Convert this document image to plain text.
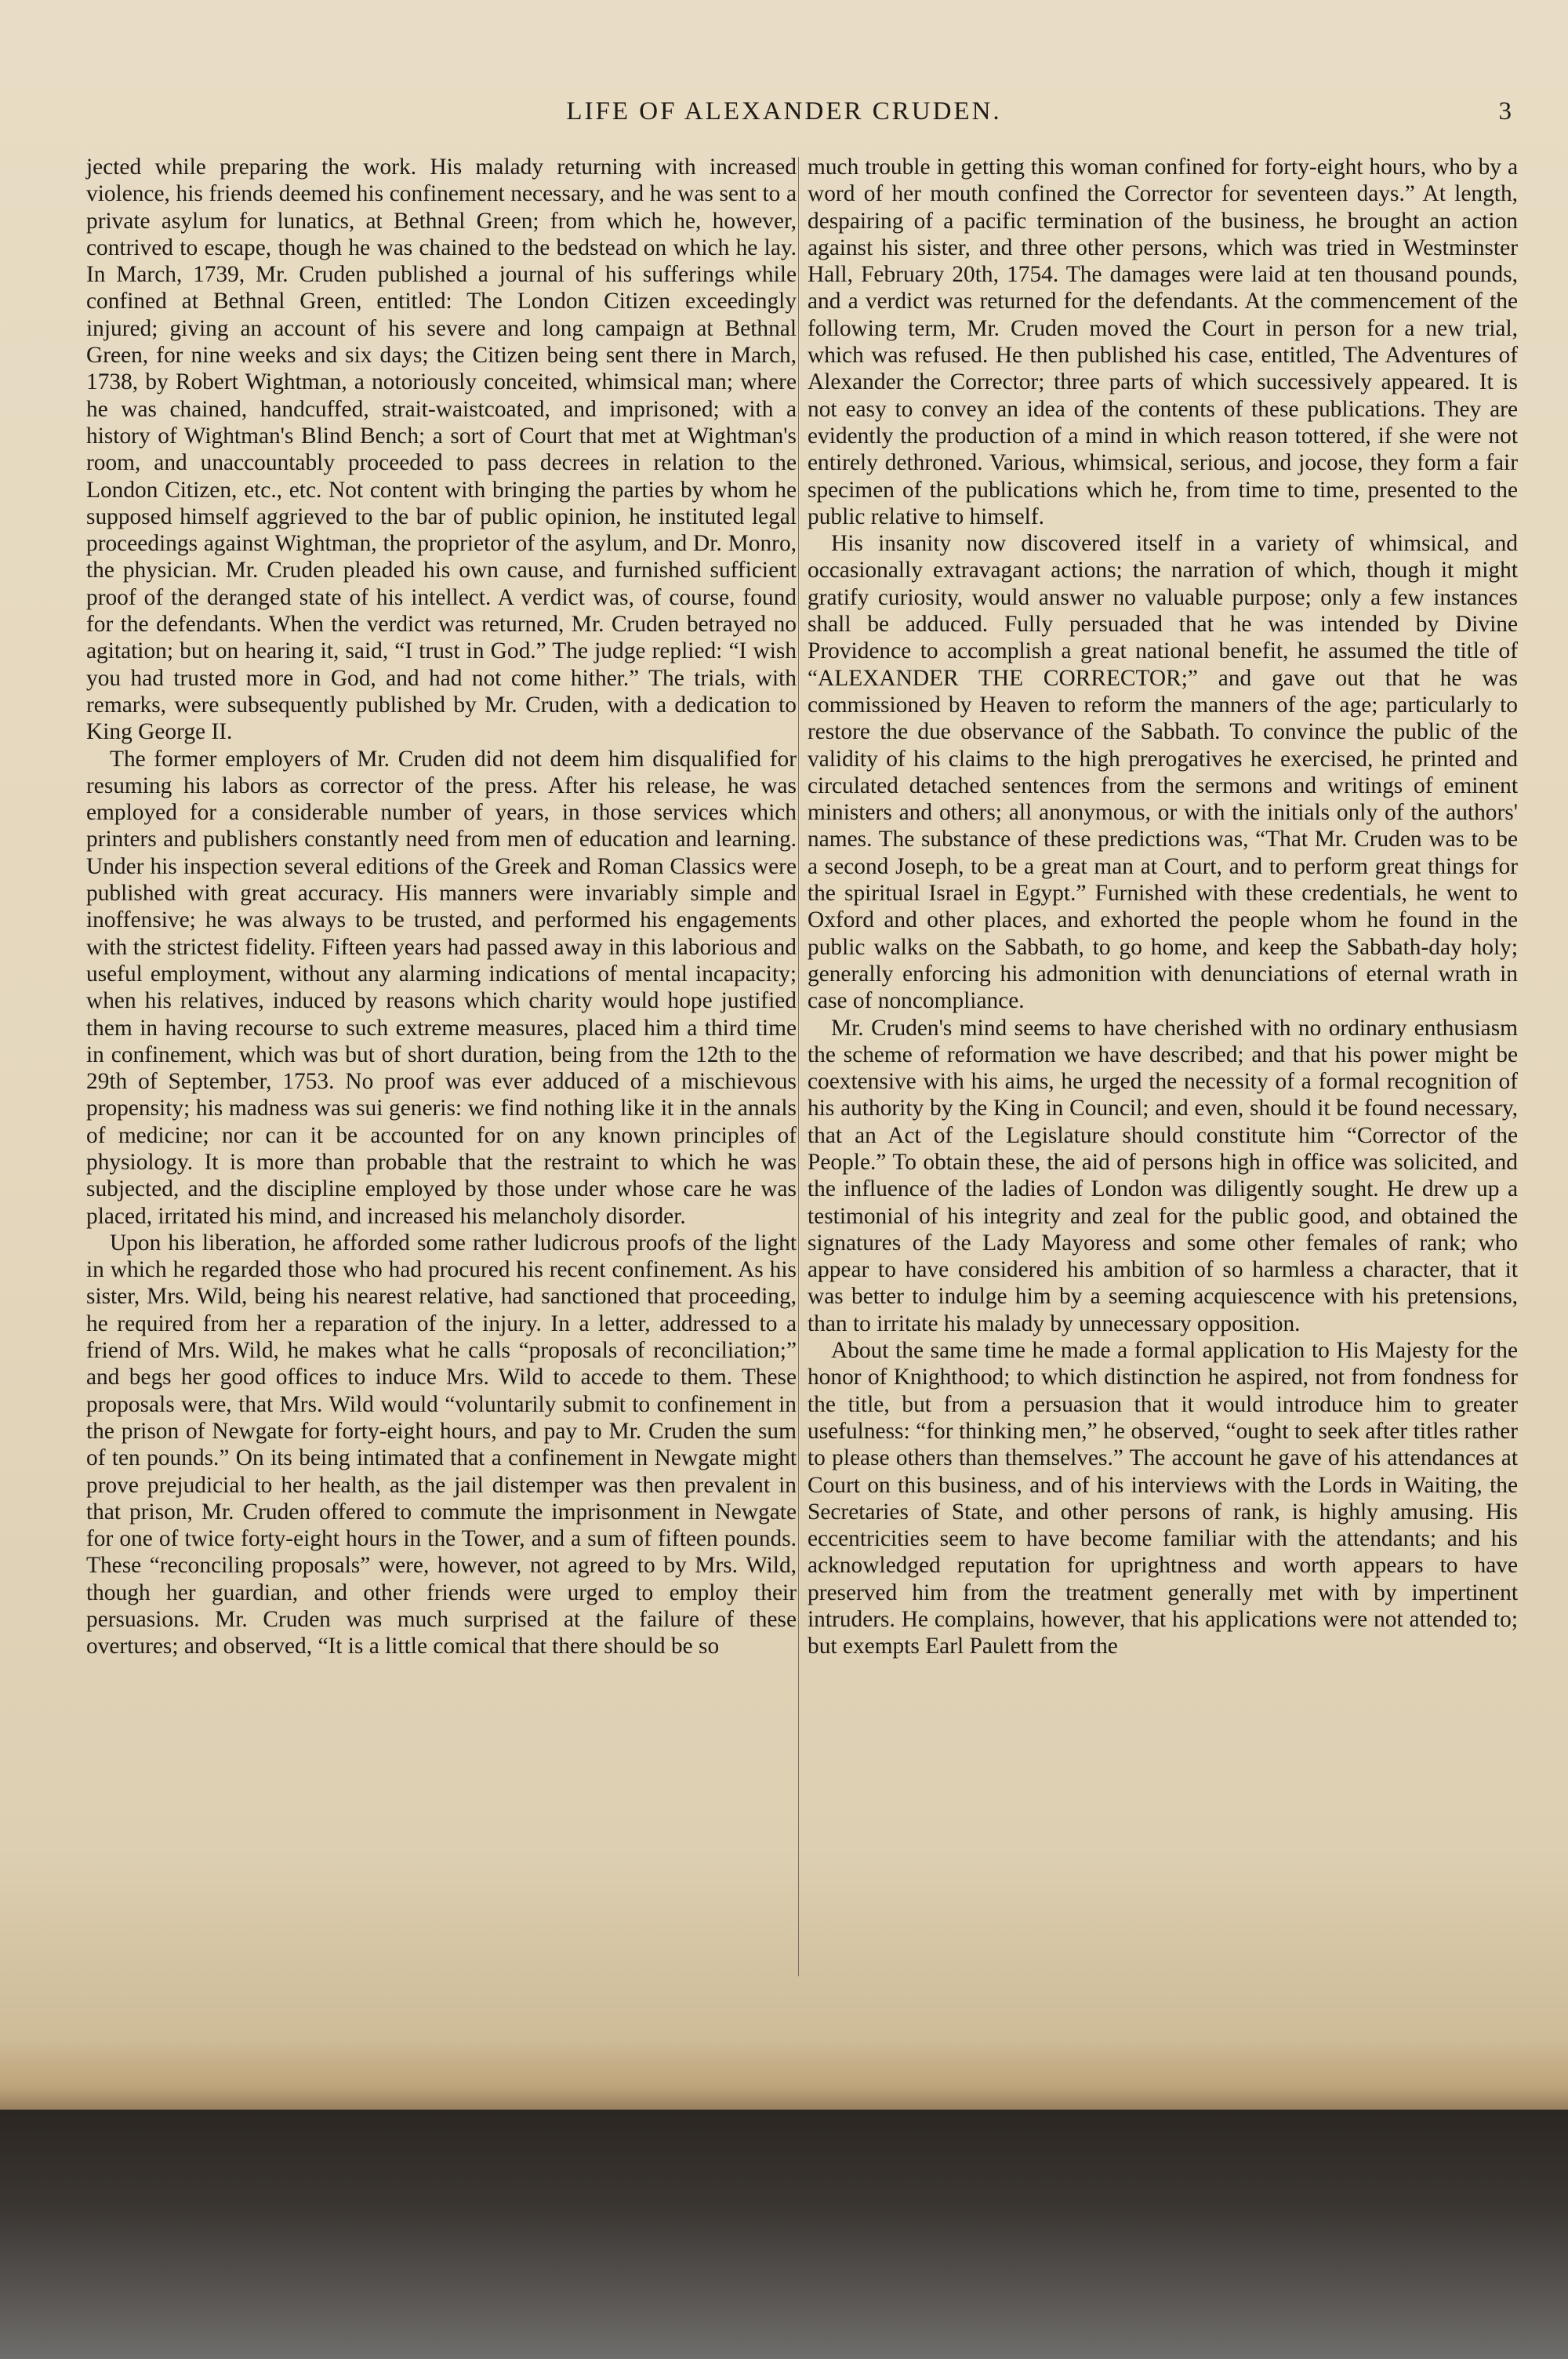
LIFE OF ALEXANDER CRUDEN.	3

jected while preparing the work. His malady returning with increased violence, his friends deemed his confinement necessary, and he was sent to a private asylum for lunatics, at Bethnal Green; from which he, however, contrived to escape, though he was chained to the bedstead on which he lay. In March, 1739, Mr. Cruden published a journal of his sufferings while confined at Bethnal Green, entitled: The London Citizen exceedingly injured; giving an account of his severe and long campaign at Bethnal Green, for nine weeks and six days; the Citizen being sent there in March, 1738, by Robert Wightman, a notoriously conceited, whimsical man; where he was chained, handcuffed, strait-waistcoated, and imprisoned; with a history of Wightman's Blind Bench; a sort of Court that met at Wightman's room, and unaccountably proceeded to pass decrees in relation to the London Citizen, etc., etc. Not content with bringing the parties by whom he supposed himself aggrieved to the bar of public opinion, he instituted legal proceedings against Wightman, the proprietor of the asylum, and Dr. Monro, the physician. Mr. Cruden pleaded his own cause, and furnished sufficient proof of the deranged state of his intellect. A verdict was, of course, found for the defendants. When the verdict was returned, Mr. Cruden betrayed no agitation; but on hearing it, said, “I trust in God.” The judge replied: “I wish you had trusted more in God, and had not come hither.” The trials, with remarks, were subsequently published by Mr. Cruden, with a dedication to King George II.

The former employers of Mr. Cruden did not deem him disqualified for resuming his labors as corrector of the press. After his release, he was employed for a considerable number of years, in those services which printers and publishers constantly need from men of education and learning. Under his inspection several editions of the Greek and Roman Classics were published with great accuracy. His manners were invariably simple and inoffensive; he was always to be trusted, and performed his engagements with the strictest fidelity. Fifteen years had passed away in this laborious and useful employment, without any alarming indications of mental incapacity; when his relatives, induced by reasons which charity would hope justified them in having recourse to such extreme measures, placed him a third time in confinement, which was but of short duration, being from the 12th to the 29th of September, 1753. No proof was ever adduced of a mischievous propensity; his madness was sui generis: we find nothing like it in the annals of medicine; nor can it be accounted for on any known principles of physiology. It is more than probable that the restraint to which he was subjected, and the discipline employed by those under whose care he was placed, irritated his mind, and increased his melancholy disorder.

Upon his liberation, he afforded some rather ludicrous proofs of the light in which he regarded those who had procured his recent confinement. As his sister, Mrs. Wild, being his nearest relative, had sanctioned that proceeding, he required from her a reparation of the injury. In a letter, addressed to a friend of Mrs. Wild, he makes what he calls “proposals of reconciliation;” and begs her good offices to induce Mrs. Wild to accede to them. These proposals were, that Mrs. Wild would “voluntarily submit to confinement in the prison of Newgate for forty-eight hours, and pay to Mr. Cruden the sum of ten pounds.” On its being intimated that a confinement in Newgate might prove prejudicial to her health, as the jail distemper was then prevalent in that prison, Mr. Cruden offered to commute the imprisonment in Newgate for one of twice forty-eight hours in the Tower, and a sum of fifteen pounds. These “reconciling proposals” were, however, not agreed to by Mrs. Wild, though her guardian, and other friends were urged to employ their persuasions. Mr. Cruden was much surprised at the failure of these overtures; and observed, “It is a little comical that there should be so

much trouble in getting this woman confined for forty-eight hours, who by a word of her mouth confined the Corrector for seventeen days.” At length, despairing of a pacific termination of the business, he brought an action against his sister, and three other persons, which was tried in Westminster Hall, February 20th, 1754. The damages were laid at ten thousand pounds, and a verdict was returned for the defendants. At the commencement of the following term, Mr. Cruden moved the Court in person for a new trial, which was refused. He then published his case, entitled, The Adventures of Alexander the Corrector; three parts of which successively appeared. It is not easy to convey an idea of the contents of these publications. They are evidently the production of a mind in which reason tottered, if she were not entirely dethroned. Various, whimsical, serious, and jocose, they form a fair specimen of the publications which he, from time to time, presented to the public relative to himself.

His insanity now discovered itself in a variety of whimsical, and occasionally extravagant actions; the narration of which, though it might gratify curiosity, would answer no valuable purpose; only a few instances shall be adduced. Fully persuaded that he was intended by Divine Providence to accomplish a great national benefit, he assumed the title of “ALEXANDER THE CORRECTOR;” and gave out that he was commissioned by Heaven to reform the manners of the age; particularly to restore the due observance of the Sabbath. To convince the public of the validity of his claims to the high prerogatives he exercised, he printed and circulated detached sentences from the sermons and writings of eminent ministers and others; all anonymous, or with the initials only of the authors' names. The substance of these predictions was, “That Mr. Cruden was to be a second Joseph, to be a great man at Court, and to perform great things for the spiritual Israel in Egypt.” Furnished with these credentials, he went to Oxford and other places, and exhorted the people whom he found in the public walks on the Sabbath, to go home, and keep the Sabbath-day holy; generally enforcing his admonition with denunciations of eternal wrath in case of noncompliance.

Mr. Cruden's mind seems to have cherished with no ordinary enthusiasm the scheme of reformation we have described; and that his power might be coextensive with his aims, he urged the necessity of a formal recognition of his authority by the King in Council; and even, should it be found necessary, that an Act of the Legislature should constitute him “Corrector of the People.” To obtain these, the aid of persons high in office was solicited, and the influence of the ladies of London was diligently sought. He drew up a testimonial of his integrity and zeal for the public good, and obtained the signatures of the Lady Mayoress and some other females of rank; who appear to have considered his ambition of so harmless a character, that it was better to indulge him by a seeming acquiescence with his pretensions, than to irritate his malady by unnecessary opposition.

About the same time he made a formal application to His Majesty for the honor of Knighthood; to which distinction he aspired, not from fondness for the title, but from a persuasion that it would introduce him to greater usefulness: “for thinking men,” he observed, “ought to seek after titles rather to please others than themselves.” The account he gave of his attendances at Court on this business, and of his interviews with the Lords in Waiting, the Secretaries of State, and other persons of rank, is highly amusing. His eccentricities seem to have become familiar with the attendants; and his acknowledged reputation for uprightness and worth appears to have preserved him from the treatment generally met with by impertinent intruders. He complains, however, that his applications were not attended to; but exempts Earl Paulett from the
